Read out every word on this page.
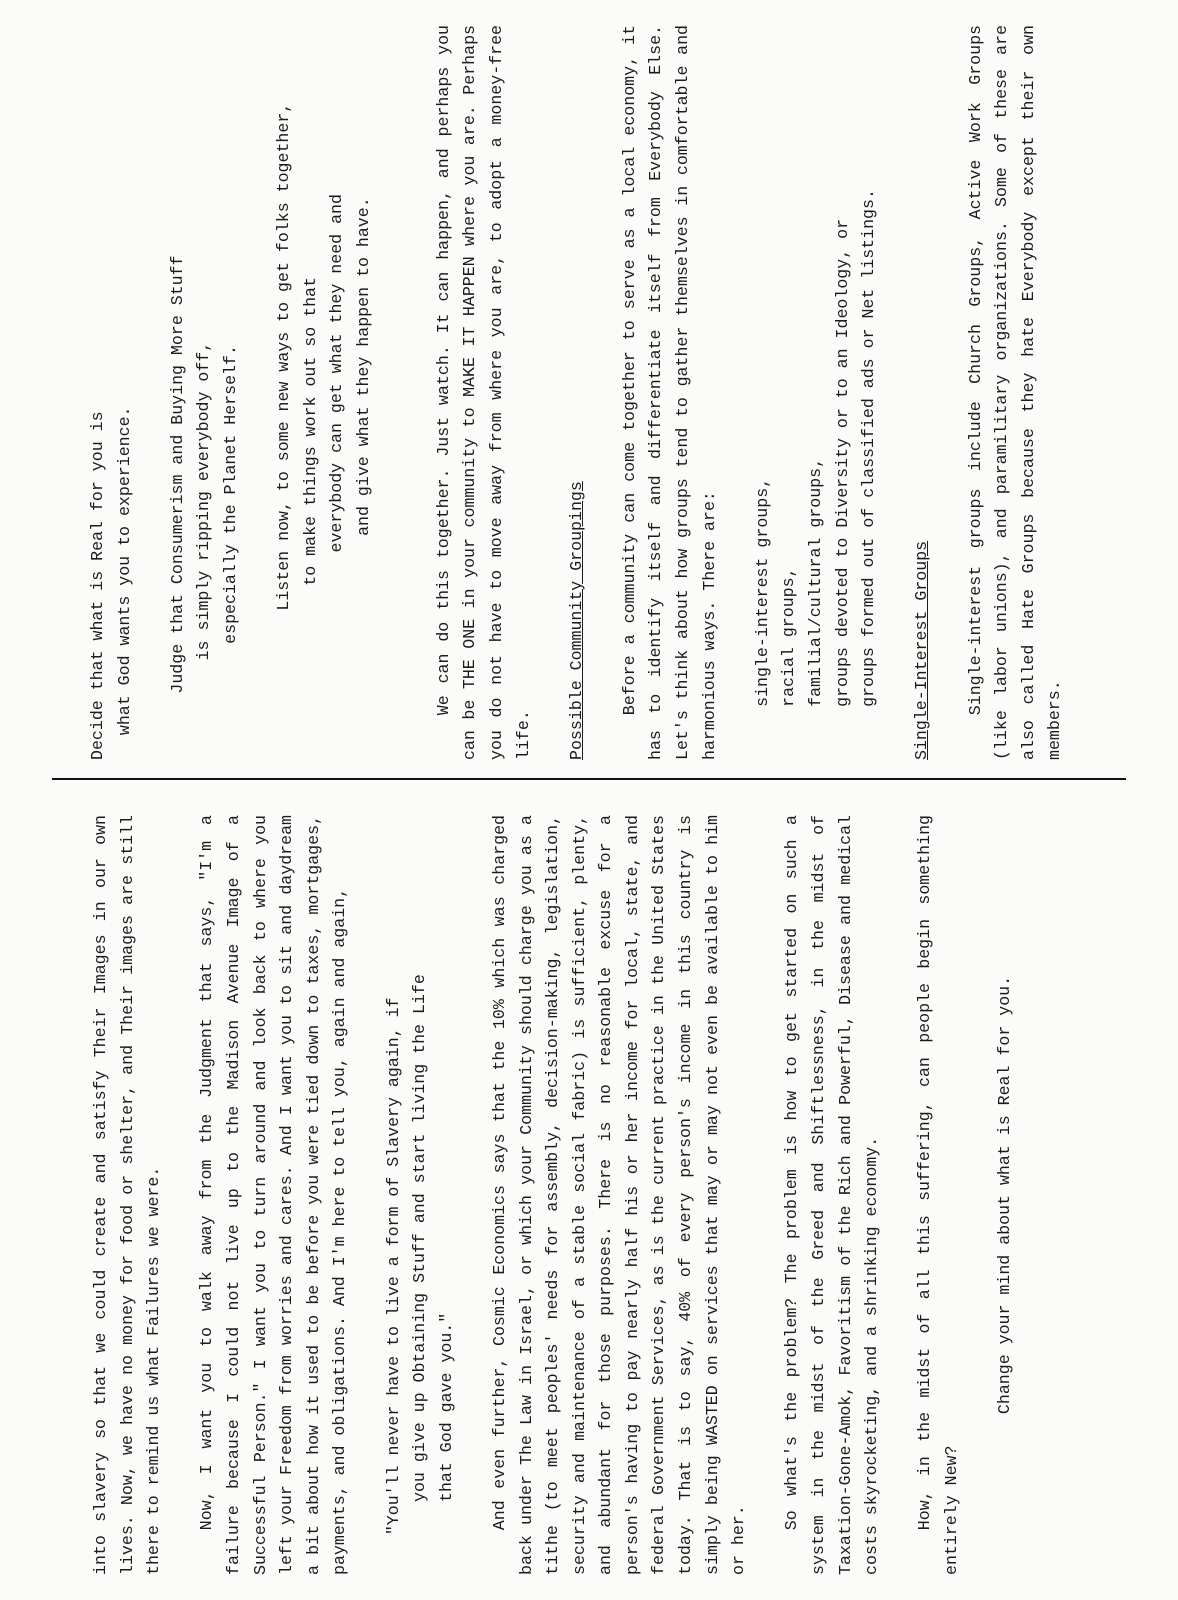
into slavery so that we could create and satisfy Their Images in our own lives. Now, we have no money for food or shelter, and Their images are still there to remind us what Failures we were. Now, I want you to walk away from the Judgment that says, "I'm a failure because I could not live up to the Madison Avenue Image of a Successful Person." I want you to turn around and look back to where you left your Freedom from worries and cares. And I want you to sit and daydream a bit about how it used to be before you were tied down to taxes, mortgages, payments, and obligations. And I'm here to tell you, again and again, "You'll never have to live a form of Slavery again, if you give up Obtaining Stuff and start living the Life that God gave you." And even further, Cosmic Economics says that the 10% which was charged back under The Law in Israel, or which your Community should charge you as a tithe (to meet peoples' needs for assembly, decision-making, legislation, security and maintenance of a stable social fabric) is sufficient, plenty, and abundant for those purposes. There is no reasonable excuse for a person's having to pay nearly half his or her income for local, state, and federal Government Services, as is the current practice in the United States today. That is to say, 40% of every person's income in this country is simply being WASTED on services that may or may not even be available to him or her.

So what's the problem? The problem is how to get started on such a system in the midst of the Greed and Shiftlessness, in the midst of Taxation-Gone-Amok, Favoritism of the Rich and Powerful, Disease and medical costs skyrocketing, and a shrinking economy. How, in the midst of all this suffering, can people begin something entirely New?

Change your mind about what is Real for you.

Decide that what is Real for you is what God wants you to experience. Judge that Consumerism and Buying More Stuff is simply ripping everybody off, especially the Planet Herself. Listen now, to some new ways to get folks together, to make things work out so that everybody can get what they need and and give what they happen to have.	We can do this together. Just watch. It can happen, and perhaps you can be THE ONE in your community to MAKE IT HAPPEN where you are. Perhaps you do not have to move away from where you are, to adopt a money-free life. Possible Community Groupings Before a community can come together to serve as a local economy, it has to identify itself and differentiate itself from Everybody Else. Let's think about how groups tend to gather themselves in comfortable and harmonious ways. There are: single-interest groups, racial groups, familial/cultural groups, groups devoted to Diversity or to an Ideology, or groups formed out of classified ads or Net listings. Single-Interest Groups Single-interest groups include Church Groups, Active Work Groups (like labor unions), and paramilitary organizations. Some of these are also called Hate Groups because they hate Everybody except their own members.
